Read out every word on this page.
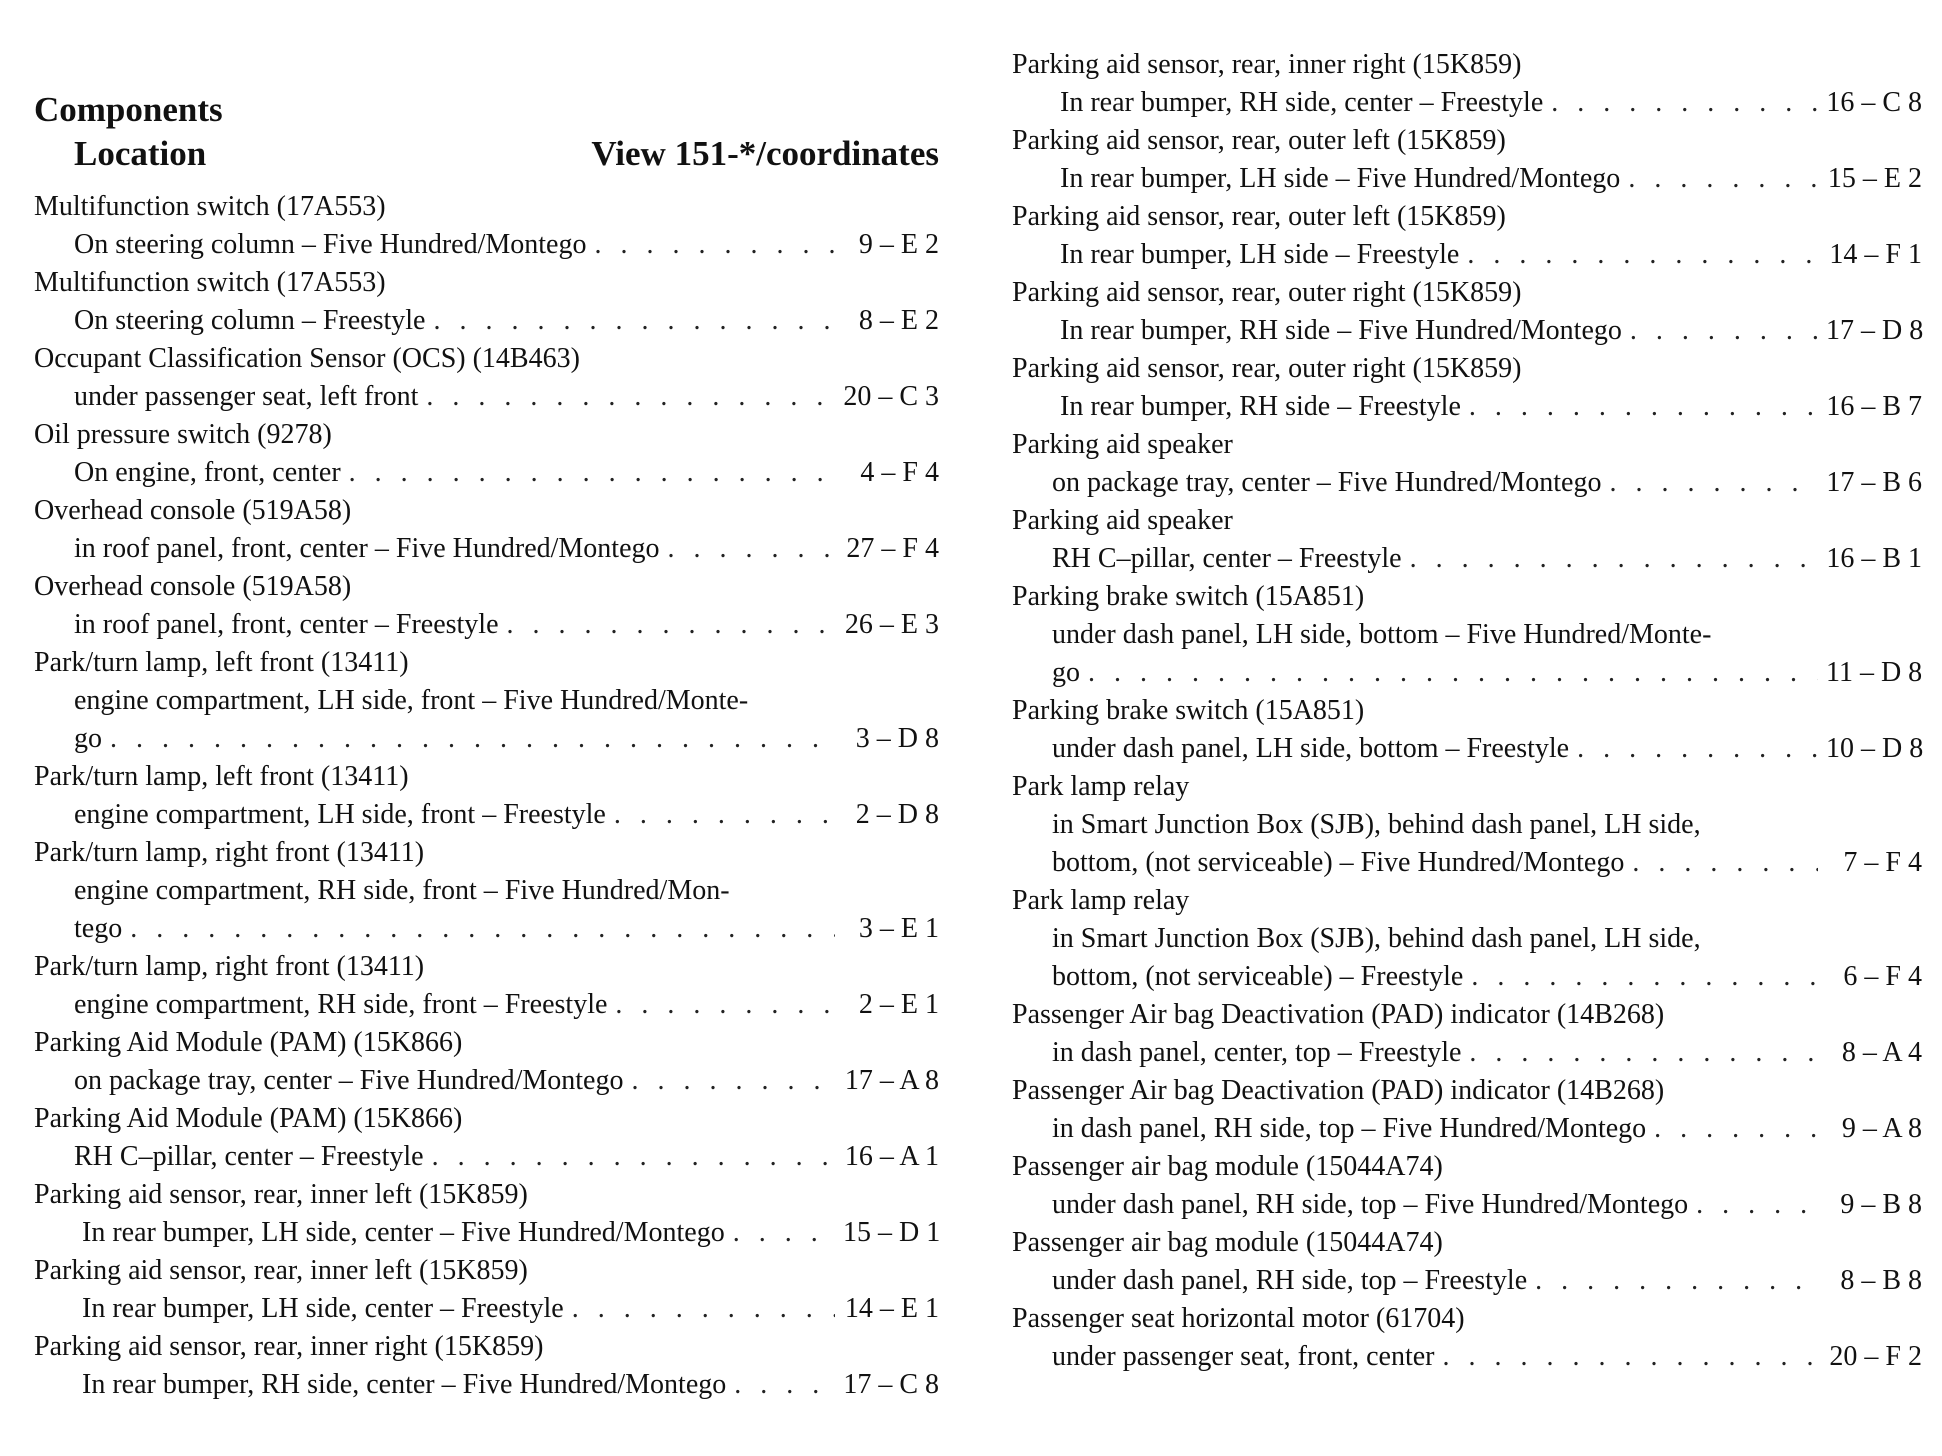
Components
Location	View 151-*/coordinates
Multifunction switch (17A553)
On steering column – Five Hundred/Montego . . .	9 – E 2
Multifunction switch (17A553)
On steering column – Freestyle . . .	8 – E 2
Occupant Classification Sensor (OCS) (14B463)
under passenger seat, left front . . .	20 – C 3
Oil pressure switch (9278)
On engine, front, center . . .	4 – F 4
Overhead console (519A58)
in roof panel, front, center – Five Hundred/Montego . . .	27 – F 4
Overhead console (519A58)
in roof panel, front, center – Freestyle . . .	26 – E 3
Park/turn lamp, left front (13411)
engine compartment, LH side, front – Five Hundred/Monte-
go . . .	3 – D 8
Park/turn lamp, left front (13411)
engine compartment, LH side, front – Freestyle . . .	2 – D 8
Park/turn lamp, right front (13411)
engine compartment, RH side, front – Five Hundred/Mon-
tego . . .	3 – E 1
Park/turn lamp, right front (13411)
engine compartment, RH side, front – Freestyle . . .	2 – E 1
Parking Aid Module (PAM) (15K866)
on package tray, center – Five Hundred/Montego . . .	17 – A 8
Parking Aid Module (PAM) (15K866)
RH C–pillar, center – Freestyle . . .	16 – A 1
Parking aid sensor, rear, inner left (15K859)
In rear bumper, LH side, center – Five Hundred/Montego . . .	15 – D 1
Parking aid sensor, rear, inner left (15K859)
In rear bumper, LH side, center – Freestyle . . .	14 – E 1
Parking aid sensor, rear, inner right (15K859)
In rear bumper, RH side, center – Five Hundred/Montego . . .	17 – C 8
Parking aid sensor, rear, inner right (15K859)
In rear bumper, RH side, center – Freestyle . . .	16 – C 8
Parking aid sensor, rear, outer left (15K859)
In rear bumper, LH side – Five Hundred/Montego . . .	15 – E 2
Parking aid sensor, rear, outer left (15K859)
In rear bumper, LH side – Freestyle . . .	14 – F 1
Parking aid sensor, rear, outer right (15K859)
In rear bumper, RH side – Five Hundred/Montego . . .	17 – D 8
Parking aid sensor, rear, outer right (15K859)
In rear bumper, RH side – Freestyle . . .	16 – B 7
Parking aid speaker
on package tray, center – Five Hundred/Montego . . .	17 – B 6
Parking aid speaker
RH C–pillar, center – Freestyle . . .	16 – B 1
Parking brake switch (15A851)
under dash panel, LH side, bottom – Five Hundred/Monte-
go . . .	11 – D 8
Parking brake switch (15A851)
under dash panel, LH side, bottom – Freestyle . . .	10 – D 8
Park lamp relay
in Smart Junction Box (SJB), behind dash panel, LH side,
bottom, (not serviceable) – Five Hundred/Montego . . .	7 – F 4
Park lamp relay
in Smart Junction Box (SJB), behind dash panel, LH side,
bottom, (not serviceable) – Freestyle . . .	6 – F 4
Passenger Air bag Deactivation (PAD) indicator (14B268)
in dash panel, center, top – Freestyle . . .	8 – A 4
Passenger Air bag Deactivation (PAD) indicator (14B268)
in dash panel, RH side, top – Five Hundred/Montego . . .	9 – A 8
Passenger air bag module (15044A74)
under dash panel, RH side, top – Five Hundred/Montego . . .	9 – B 8
Passenger air bag module (15044A74)
under dash panel, RH side, top – Freestyle . . .	8 – B 8
Passenger seat horizontal motor (61704)
under passenger seat, front, center . . .	20 – F 2
